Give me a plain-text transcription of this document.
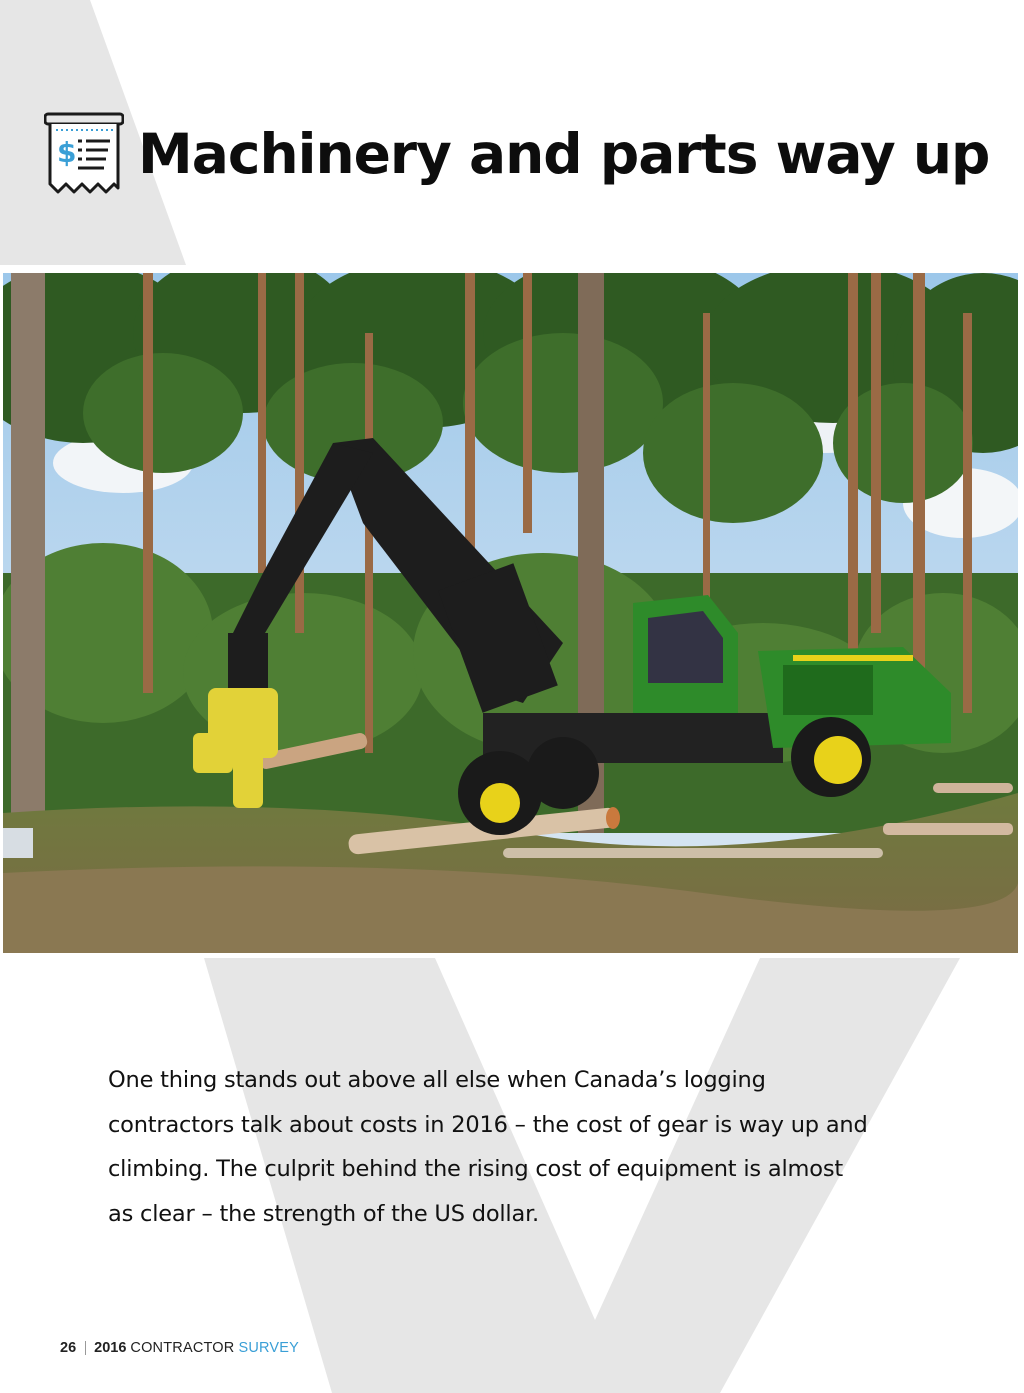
$ Machinery and parts way up

One thing stands out above all else when Canada’s logging contractors talk about costs in 2016 – the cost of gear is way up and climbing. The culprit behind the rising cost of equipment is almost as clear – the strength of the US dollar.

26 2016 CONTRACTOR SURVEY
